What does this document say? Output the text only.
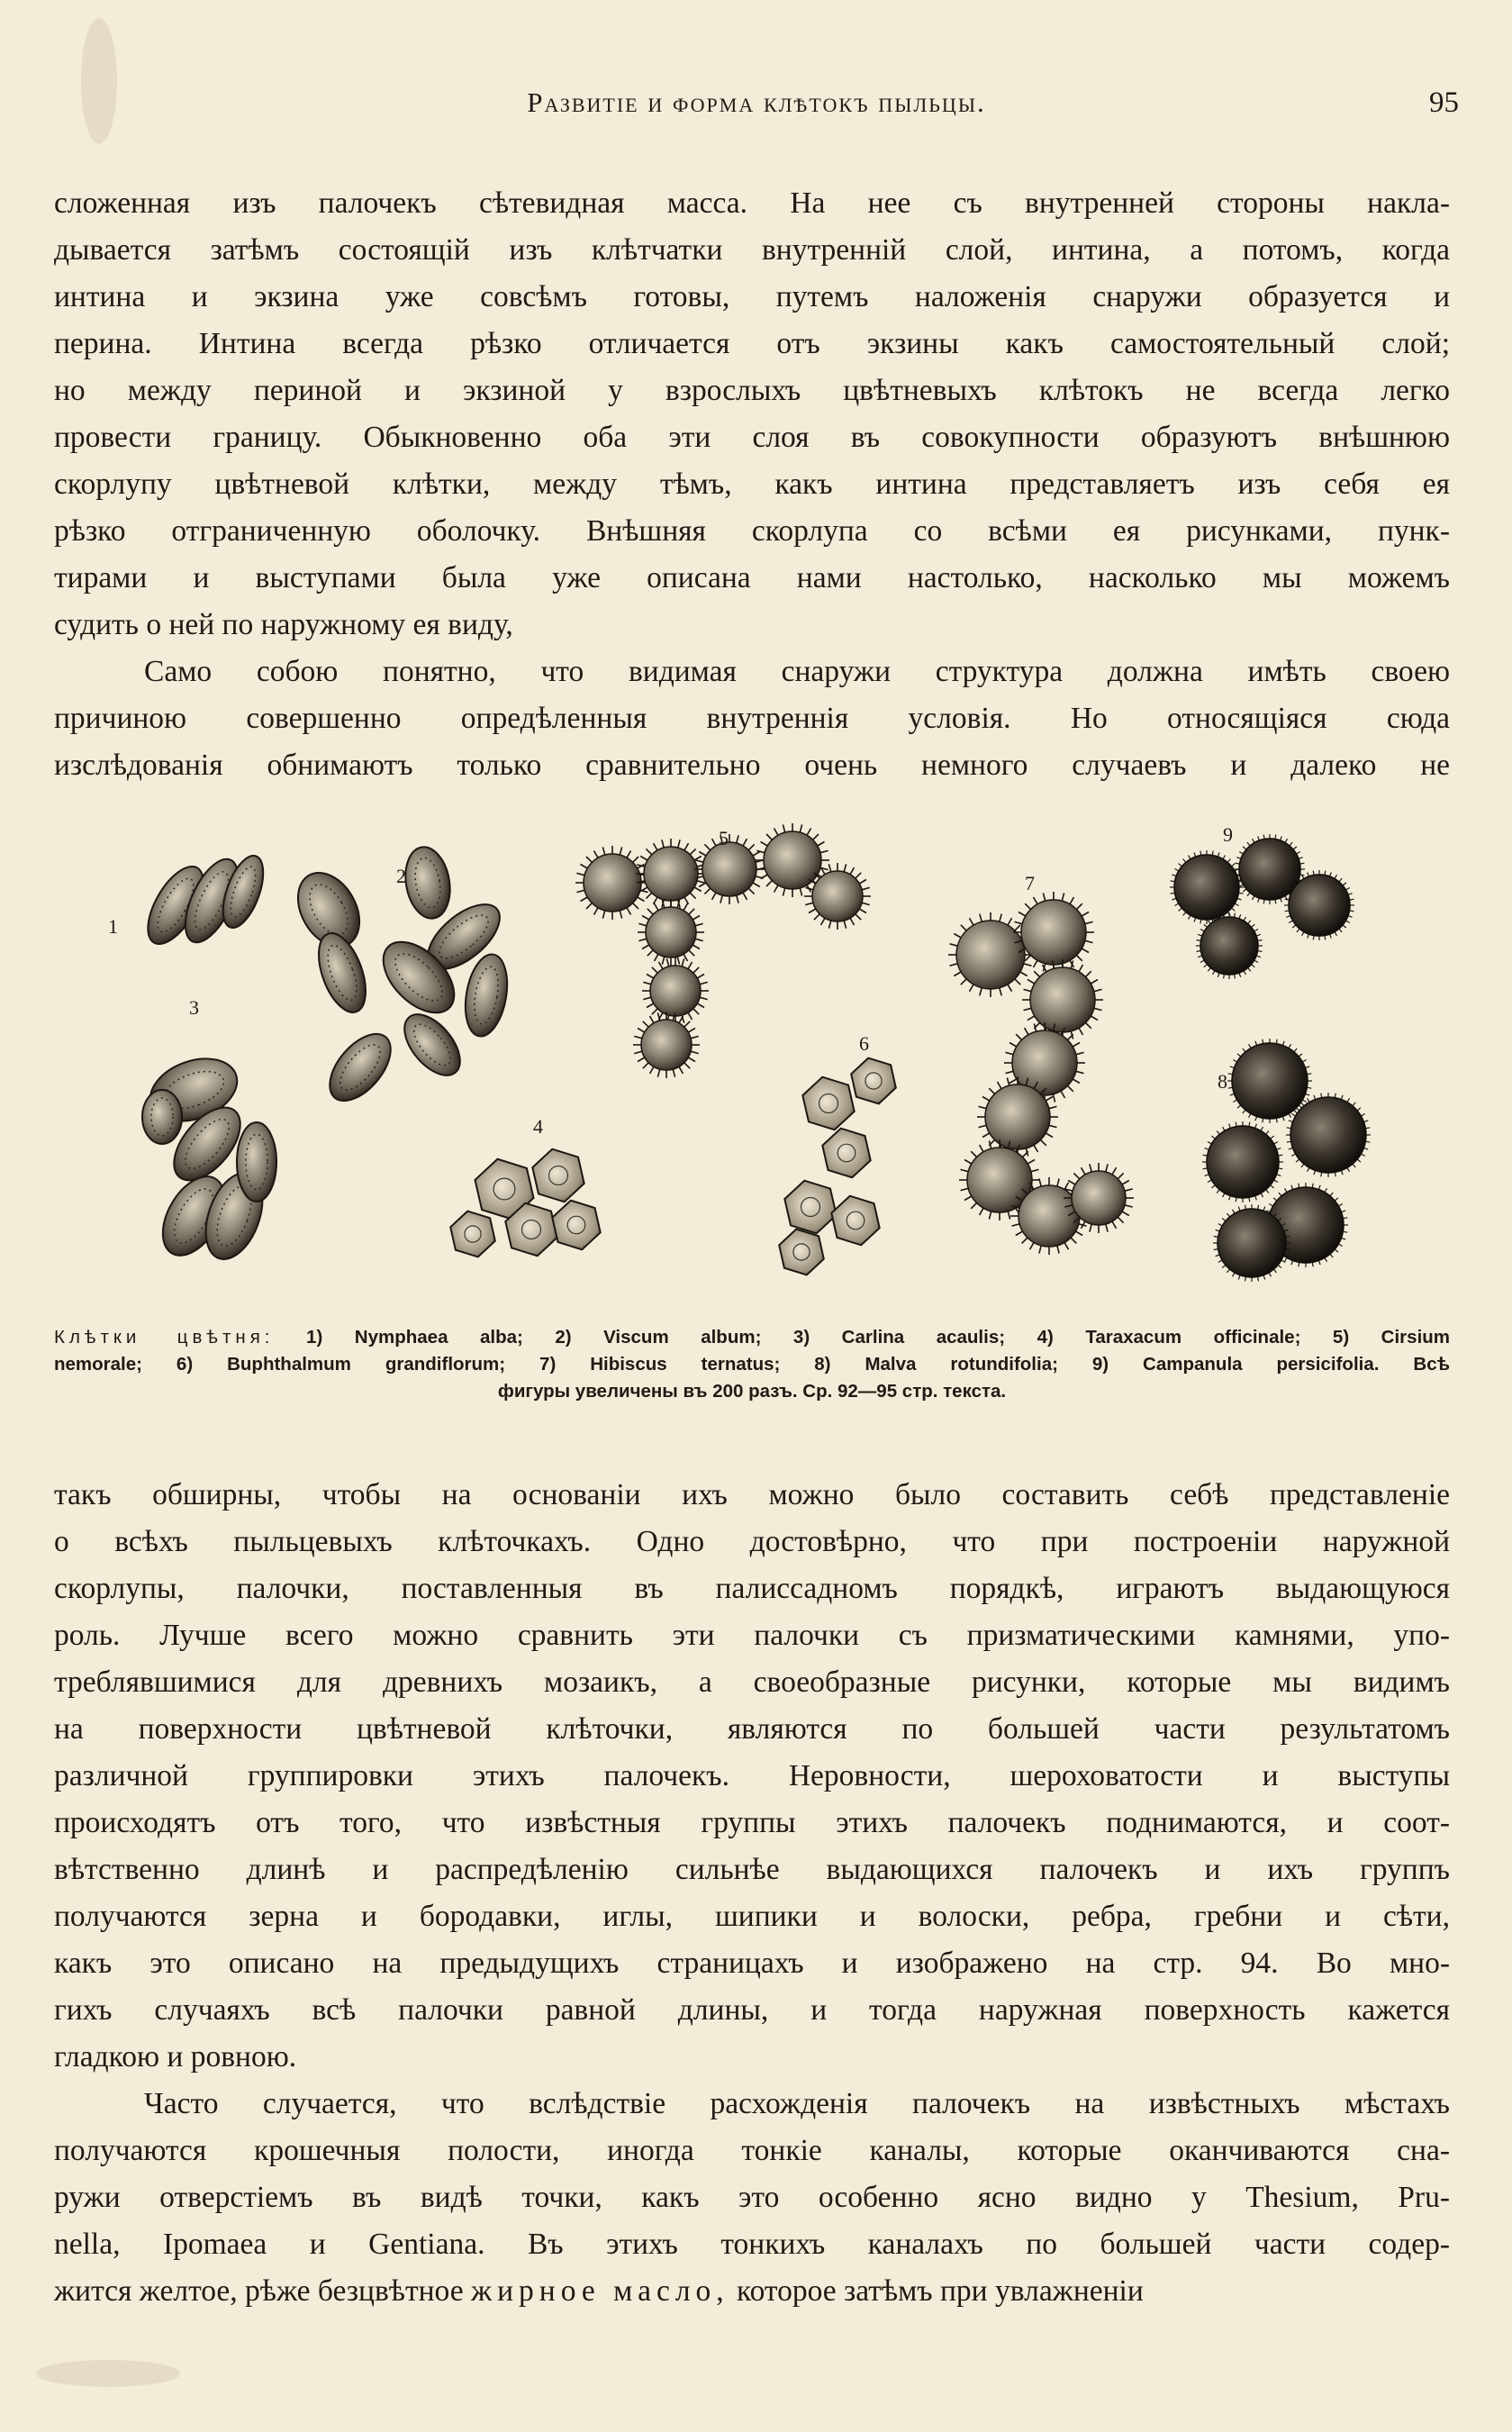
Развитіе и форма клѣтокъ пыльцы.	95
сложенная изъ палочекъ сѣтевидная масса. На нее съ внутренней стороны накла-
дывается затѣмъ состоящій изъ клѣтчатки внутренній слой, интина, а потомъ, когда
интина и экзина уже совсѣмъ готовы, путемъ наложенія снаружи образуется и
перина. Интина всегда рѣзко отличается отъ экзины какъ самостоятельный слой;
но между периной и экзиной у взрослыхъ цвѣтневыхъ клѣтокъ не всегда легко
провести границу. Обыкновенно оба эти слоя въ совокупности образуютъ внѣшнюю
скорлупу цвѣтневой клѣтки, между тѣмъ, какъ интина представляетъ изъ себя ея
рѣзко отграниченную оболочку. Внѣшняя скорлупа со всѣми ея рисунками, пунк-
тирами и выступами была уже описана нами настолько, насколько мы можемъ
судить о ней по наружному ея виду,
Само собою понятно, что видимая снаружи структура должна имѣть своею
причиною совершенно опредѣленныя внутреннія условія. Но относящіяся сюда
изслѣдованія обнимаютъ только сравнительно очень немного случаевъ и далеко не
1
2
3
4
5
6
7
8
9
Клѣтки цвѣтня: 1) Nymphaea alba; 2) Viscum album; 3) Carlina acaulis; 4) Taraxacum officinale; 5) Cirsium
nemorale; 6) Buphthalmum grandiflorum; 7) Hibiscus ternatus; 8) Malva rotundifolia; 9) Campanula persicifolia. Всѣ
фигуры увеличены въ 200 разъ. Ср. 92—95 стр. текста.
такъ обширны, чтобы на основаніи ихъ можно было составить себѣ представленіе
о всѣхъ пыльцевыхъ клѣточкахъ. Одно достовѣрно, что при построеніи наружной
скорлупы, палочки, поставленныя въ палиссадномъ порядкѣ, играютъ выдающуюся
роль. Лучше всего можно сравнить эти палочки съ призматическими камнями, упо-
треблявшимися для древнихъ мозаикъ, а своеобразные рисунки, которые мы видимъ
на поверхности цвѣтневой клѣточки, являются по большей части результатомъ
различной группировки этихъ палочекъ. Неровности, шероховатости и выступы
происходятъ отъ того, что извѣстныя группы этихъ палочекъ поднимаются, и соот-
вѣтственно длинѣ и распредѣленію сильнѣе выдающихся палочекъ и ихъ группъ
получаются зерна и бородавки, иглы, шипики и волоски, ребра, гребни и сѣти,
какъ это описано на предыдущихъ страницахъ и изображено на стр. 94. Во мно-
гихъ случаяхъ всѣ палочки равной длины, и тогда наружная поверхность кажется
гладкою и ровною.
Часто случается, что вслѣдствіе расхожденія палочекъ на извѣстныхъ мѣстахъ
получаются крошечныя полости, иногда тонкіе каналы, которые оканчиваются сна-
ружи отверстіемъ въ видѣ точки, какъ это особенно ясно видно у Thesium, Pru-
nella, Ipomaea и Gentiana. Въ этихъ тонкихъ каналахъ по большей части содер-
жится желтое, рѣже безцвѣтное жирное масло, которое затѣмъ при увлажненіи
